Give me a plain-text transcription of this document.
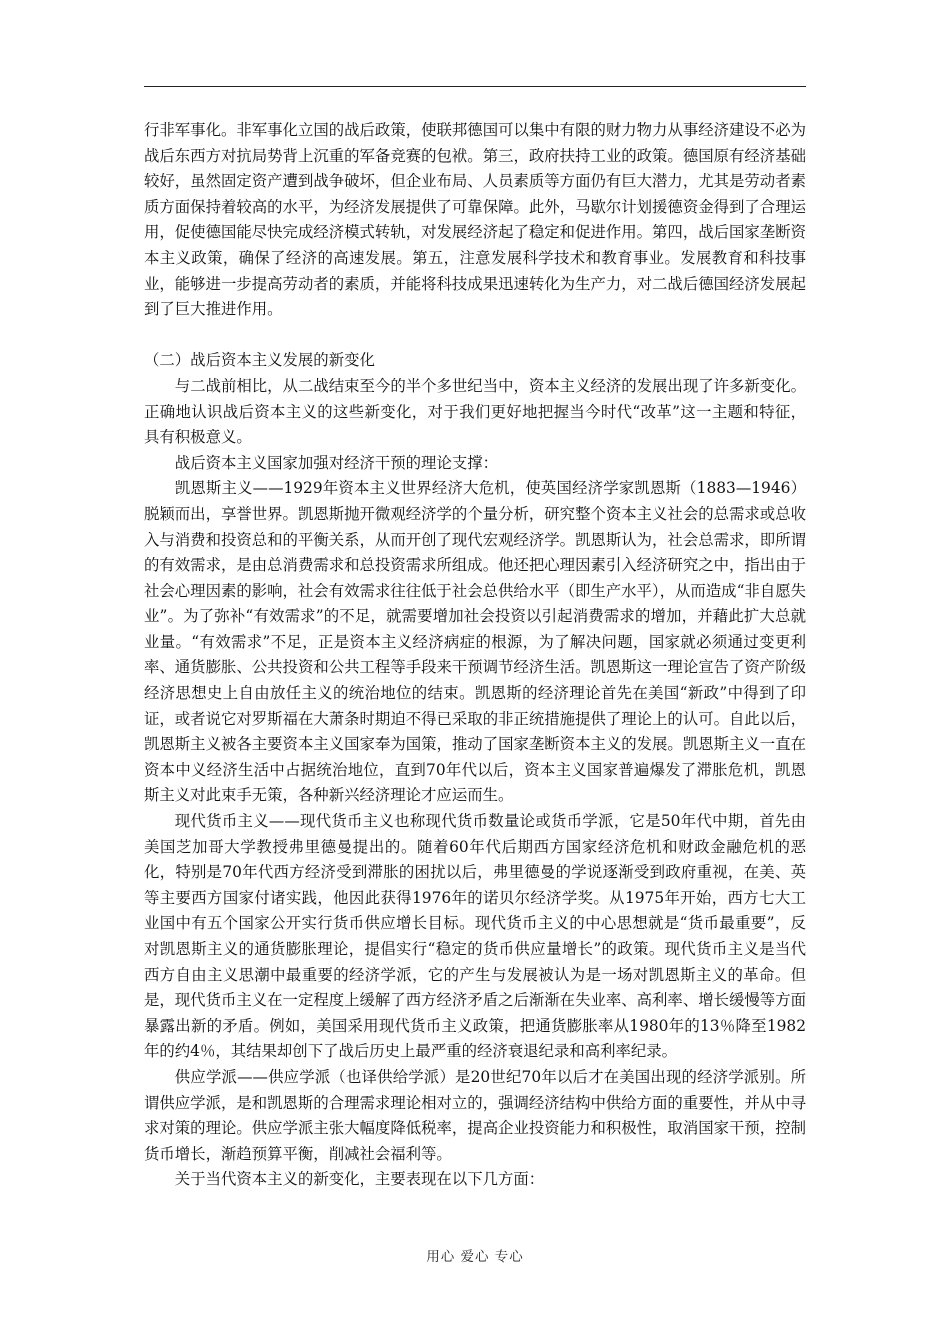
行非军事化。非军事化立国的战后政策，使联邦德国可以集中有限的财力物力从事经济建设不必为战后东西方对抗局势背上沉重的军备竞赛的包袱。第三，政府扶持工业的政策。德国原有经济基础较好，虽然固定资产遭到战争破坏，但企业布局、人员素质等方面仍有巨大潜力，尤其是劳动者素质方面保持着较高的水平，为经济发展提供了可靠保障。此外，马歇尔计划援德资金得到了合理运用，促使德国能尽快完成经济模式转轨，对发展经济起了稳定和促进作用。第四，战后国家垄断资本主义政策，确保了经济的高速发展。第五，注意发展科学技术和教育事业。发展教育和科技事业，能够进一步提高劳动者的素质，并能将科技成果迅速转化为生产力，对二战后德国经济发展起到了巨大推进作用。

（二）战后资本主义发展的新变化

与二战前相比，从二战结束至今的半个多世纪当中，资本主义经济的发展出现了许多新变化。正确地认识战后资本主义的这些新变化，对于我们更好地把握当今时代“改革”这一主题和特征，具有积极意义。

战后资本主义国家加强对经济干预的理论支撑：

凯恩斯主义——1929年资本主义世界经济大危机，使英国经济学家凯恩斯（1883—1946）脱颖而出，享誉世界。凯恩斯抛开微观经济学的个量分析，研究整个资本主义社会的总需求或总收入与消费和投资总和的平衡关系，从而开创了现代宏观经济学。凯恩斯认为，社会总需求，即所谓的有效需求，是由总消费需求和总投资需求所组成。他还把心理因素引入经济研究之中，指出由于社会心理因素的影响，社会有效需求往往低于社会总供给水平（即生产水平），从而造成“非自愿失业”。为了弥补“有效需求”的不足，就需要增加社会投资以引起消费需求的增加，并藉此扩大总就业量。“有效需求”不足，正是资本主义经济病症的根源，为了解决问题，国家就必须通过变更利率、通货膨胀、公共投资和公共工程等手段来干预调节经济生活。凯恩斯这一理论宣告了资产阶级经济思想史上自由放任主义的统治地位的结束。凯恩斯的经济理论首先在美国“新政”中得到了印证，或者说它对罗斯福在大萧条时期迫不得已采取的非正统措施提供了理论上的认可。自此以后，凯恩斯主义被各主要资本主义国家奉为国策，推动了国家垄断资本主义的发展。凯恩斯主义一直在资本中义经济生活中占据统治地位，直到70年代以后，资本主义国家普遍爆发了滞胀危机，凯恩斯主义对此束手无策，各种新兴经济理论才应运而生。

现代货币主义——现代货币主义也称现代货币数量论或货币学派，它是50年代中期，首先由美国芝加哥大学教授弗里德曼提出的。随着60年代后期西方国家经济危机和财政金融危机的恶化，特别是70年代西方经济受到滞胀的困扰以后，弗里德曼的学说逐渐受到政府重视，在美、英等主要西方国家付诸实践，他因此获得1976年的诺贝尔经济学奖。从1975年开始，西方七大工业国中有五个国家公开实行货币供应增长目标。现代货币主义的中心思想就是“货币最重要”，反对凯恩斯主义的通货膨胀理论，提倡实行“稳定的货币供应量增长”的政策。现代货币主义是当代西方自由主义思潮中最重要的经济学派，它的产生与发展被认为是一场对凯恩斯主义的革命。但是，现代货币主义在一定程度上缓解了西方经济矛盾之后渐渐在失业率、高利率、增长缓慢等方面暴露出新的矛盾。例如，美国采用现代货币主义政策，把通货膨胀率从1980年的13％降至1982年的约4％，其结果却创下了战后历史上最严重的经济衰退纪录和高利率纪录。

供应学派——供应学派（也译供给学派）是20世纪70年以后才在美国出现的经济学派别。所谓供应学派，是和凯恩斯的合理需求理论相对立的，强调经济结构中供给方面的重要性，并从中寻求对策的理论。供应学派主张大幅度降低税率，提高企业投资能力和积极性，取消国家干预，控制货币增长，渐趋预算平衡，削减社会福利等。

关于当代资本主义的新变化，主要表现在以下几方面：

用心 爱心 专心
